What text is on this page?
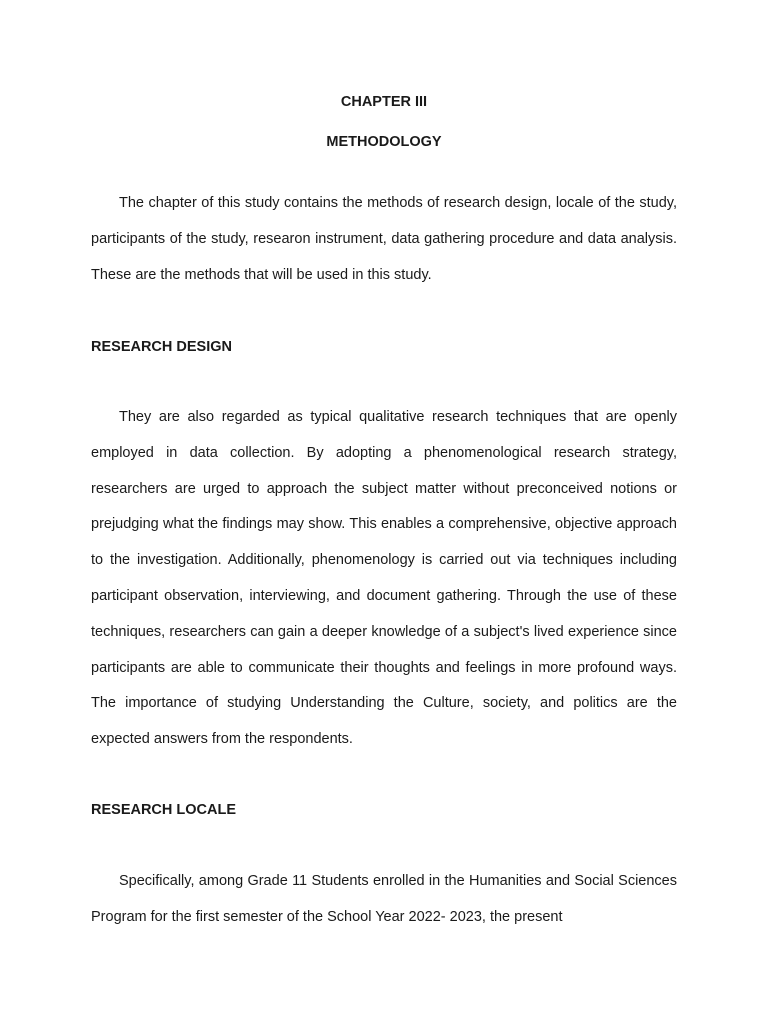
CHAPTER III
METHODOLOGY

The chapter of this study contains the methods of research design, locale of the study, participants of the study, researon instrument, data gathering procedure and data analysis. These are the methods that will be used in this study.

RESEARCH DESIGN

They are also regarded as typical qualitative research techniques that are openly employed in data collection. By adopting a phenomenological research strategy, researchers are urged to approach the subject matter without preconceived notions or prejudging what the findings may show. This enables a comprehensive, objective approach to the investigation. Additionally, phenomenology is carried out via techniques including participant observation, interviewing, and document gathering. Through the use of these techniques, researchers can gain a deeper knowledge of a subject's lived experience since participants are able to communicate their thoughts and feelings in more profound ways. The importance of studying Understanding the Culture, society, and politics are the expected answers from the respondents.

RESEARCH LOCALE

Specifically, among Grade 11 Students enrolled in the Humanities and Social Sciences Program for the first semester of the School Year 2022- 2023, the present
